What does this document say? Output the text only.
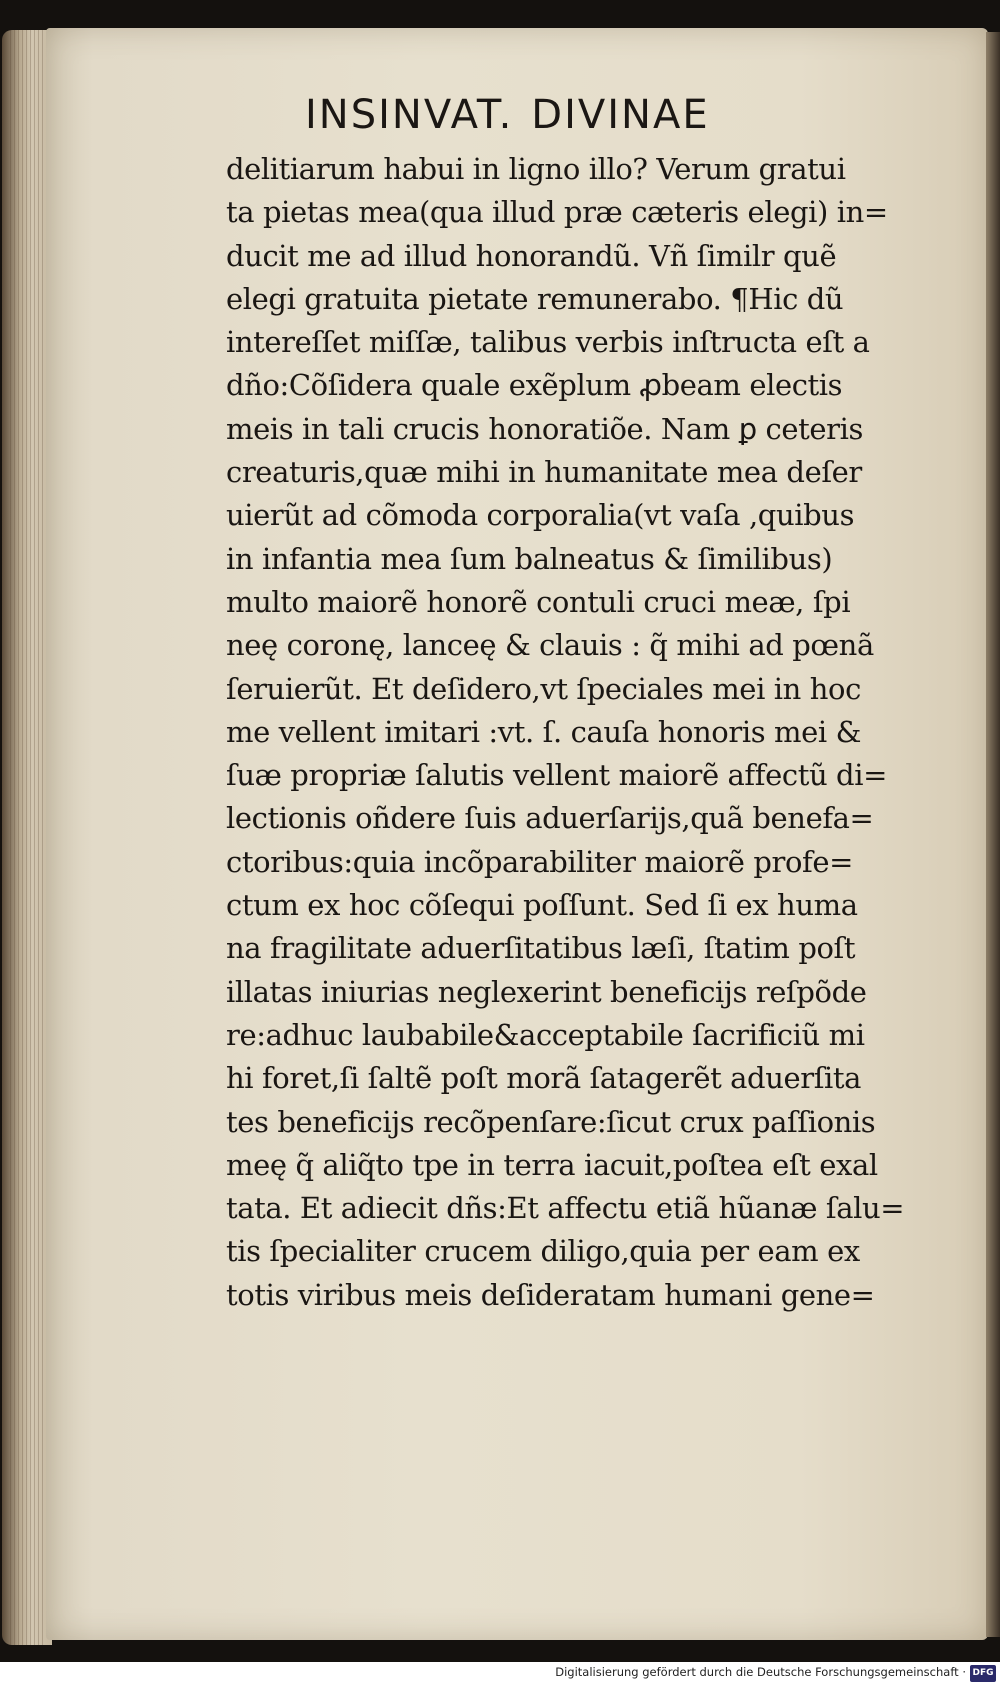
INSINVAT. DIVINAE
delitiarum habui in ligno illo? Verum gratui
ta pietas mea(qua illud præ cæteris elegi) in=
ducit me ad illud honorandũ. Vñ ſimilr quẽ
elegi gratuita pietate remunerabo. ¶Hic dũ
intereſſet miſſæ, talibus verbis inſtructa eſt a
dño:Cõſidera quale exẽplum ꝓbeam electis
meis in tali crucis honoratiõe. Nam ꝑ ceteris
creaturis,quæ mihi in humanitate mea deſer
uierũt ad cõmoda corporalia(vt vaſa ,quibus
in infantia mea ſum balneatus & ſimilibus)
multo maiorẽ honorẽ contuli cruci meæ, ſpi
neę coronę, lanceę & clauis : q̃ mihi ad pœnã
ſeruierũt. Et deſidero,vt ſpeciales mei in hoc
me vellent imitari :vt. ſ. cauſa honoris mei &
ſuæ propriæ ſalutis vellent maiorẽ affectũ di=
lectionis oñdere ſuis aduerſarijs,quã benefa=
ctoribus:quia incõparabiliter maiorẽ profe=
ctum ex hoc cõſequi poſſunt. Sed ſi ex huma
na fragilitate aduerſitatibus læſi, ſtatim poſt
illatas iniurias neglexerint beneficijs reſpõde
re:adhuc laubabile&acceptabile ſacrificiũ mi
hi foret,ſi ſaltẽ poſt morã ſatagerẽt aduerſita
tes beneficijs recõpenſare:ſicut crux paſſionis
meę q̃ aliq̃to tpe in terra iacuit,poſtea eſt exal
tata. Et adiecit dñs:Et affectu etiã hũanæ ſalu=
tis ſpecialiter crucem diligo,quia per eam ex
totis viribus meis deſideratam humani gene=
Digitalisierung gefördert durch die Deutsche Forschungsgemeinschaft · DFG
